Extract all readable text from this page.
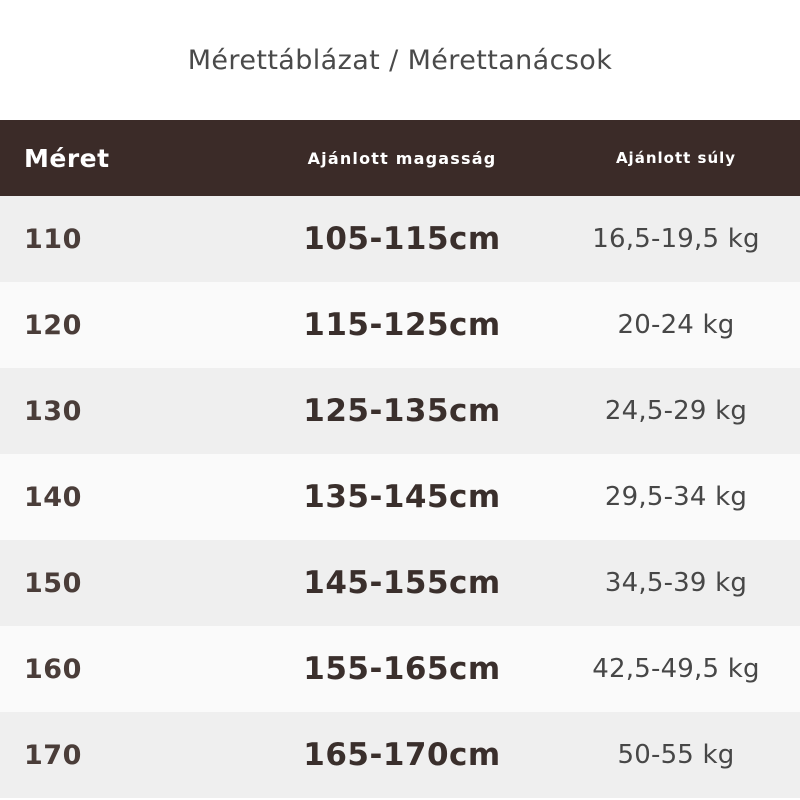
Mérettáblázat / Mérettanácsok
Méret	Ajánlott magasság	Ajánlott súly
110	105-115cm	16,5-19,5 kg
120	115-125cm	20-24 kg
130	125-135cm	24,5-29 kg
140	135-145cm	29,5-34 kg
150	145-155cm	34,5-39 kg
160	155-165cm	42,5-49,5 kg
170	165-170cm	50-55 kg
